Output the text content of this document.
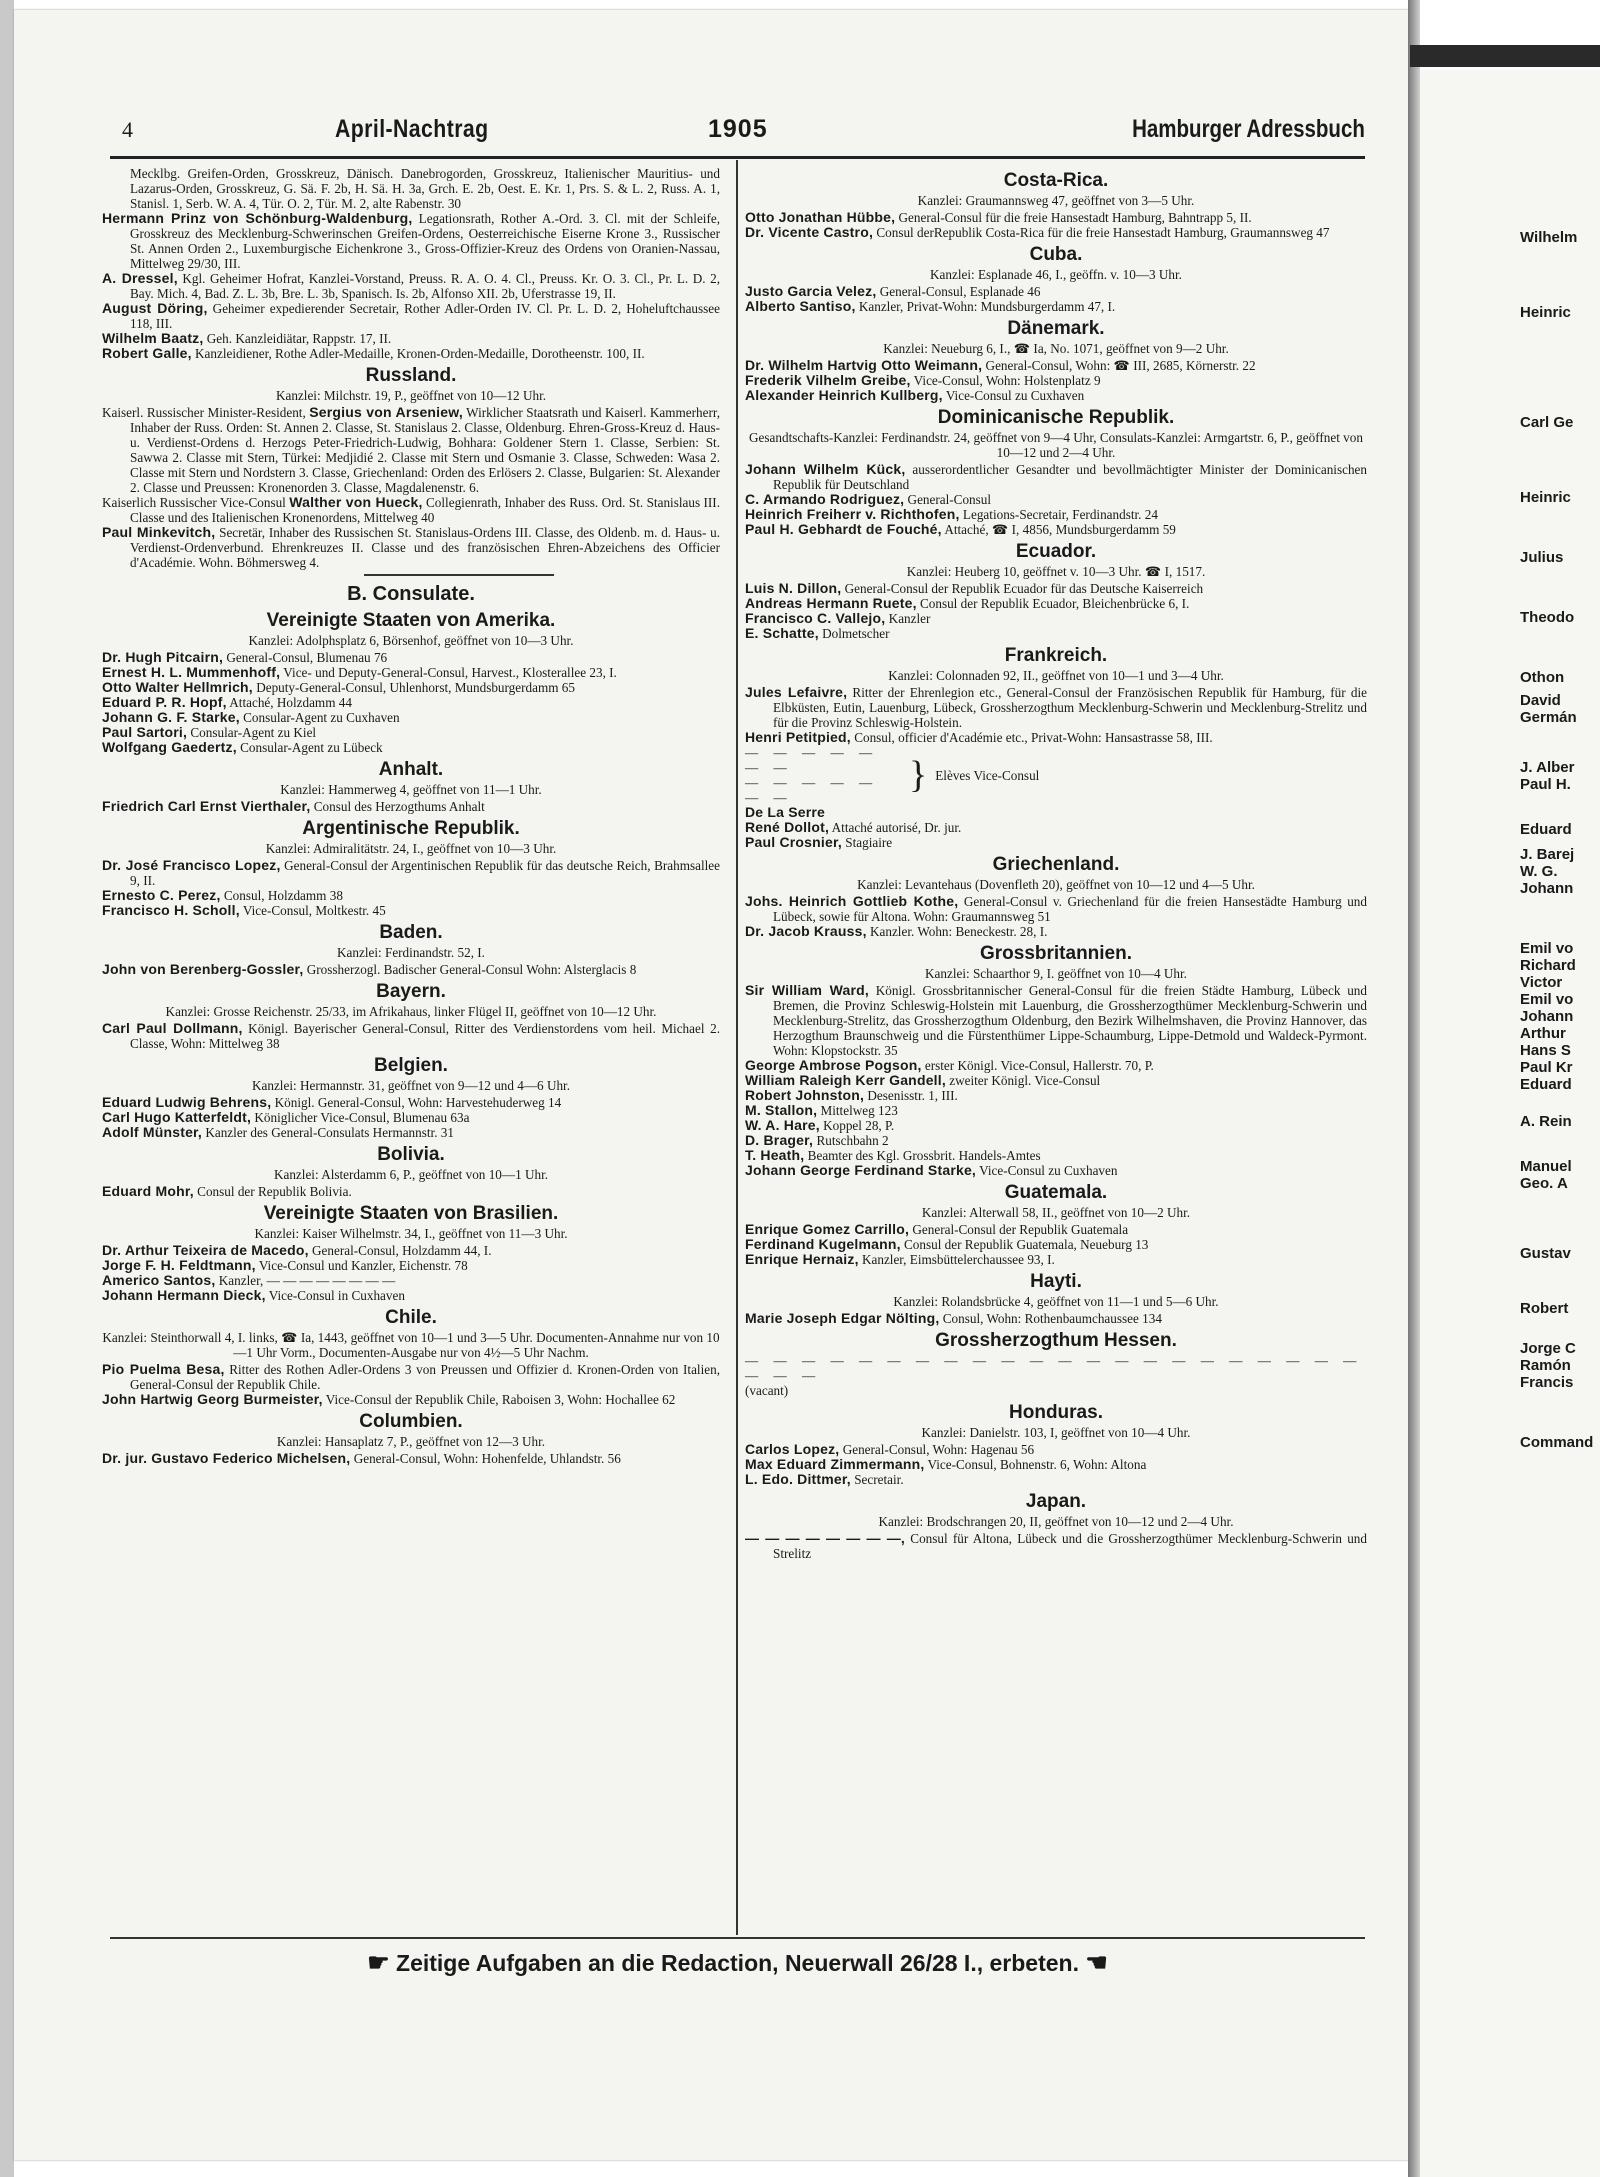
4	April-Nachtrag	1905	Hamburger Adressbuch
Mecklbg. Greifen-Orden, Grosskreuz, Dänisch. Danebrogorden, Grosskreuz, Italienischer Mauritius- und Lazarus-Orden, Grosskreuz, G. Sä. F. 2b, H. Sä. H. 3a, Grch. E. 2b, Oest. E. Kr. 1, Prs. S. & L. 2, Russ. A. 1, Stanisl. 1, Serb. W. A. 4, Tür. O. 2, Tür. M. 2, alte Rabenstr. 30
Hermann Prinz von Schönburg-Waldenburg, Legationsrath, Rother A.-Ord. 3. Cl. mit der Schleife, Grosskreuz des Mecklenburg-Schwerinschen Greifen-Ordens, Oesterreichische Eiserne Krone 3., Russischer St. Annen Orden 2., Luxemburgische Eichenkrone 3., Gross-Offizier-Kreuz des Ordens von Oranien-Nassau, Mittelweg 29/30, III.
A. Dressel, Kgl. Geheimer Hofrat, Kanzlei-Vorstand, Preuss. R. A. O. 4. Cl., Preuss. Kr. O. 3. Cl., Pr. L. D. 2, Bay. Mich. 4, Bad. Z. L. 3b, Bre. L. 3b, Spanisch. Is. 2b, Alfonso XII. 2b, Uferstrasse 19, II.
August Döring, Geheimer expedierender Secretair, Rother Adler-Orden IV. Cl. Pr. L. D. 2, Hoheluftchaussee 118, III.
Wilhelm Baatz, Geh. Kanzleidiätar, Rappstr. 17, II.
Robert Galle, Kanzleidiener, Rothe Adler-Medaille, Kronen-Orden-Medaille, Dorotheenstr. 100, II.
Russland.
Kanzlei: Milchstr. 19, P., geöffnet von 10—12 Uhr.
Kaiserl. Russischer Minister-Resident, Sergius von Arseniew, Wirklicher Staatsrath und Kaiserl. Kammerherr, Inhaber der Russ. Orden: St. Annen 2. Classe, St. Stanislaus 2. Classe, Oldenburg. Ehren-Gross-Kreuz d. Haus- u. Verdienst-Ordens d. Herzogs Peter-Friedrich-Ludwig, Bohhara: Goldener Stern 1. Classe, Serbien: St. Sawwa 2. Classe mit Stern, Türkei: Medjidié 2. Classe mit Stern und Osmanie 3. Classe, Schweden: Wasa 2. Classe mit Stern und Nordstern 3. Classe, Griechenland: Orden des Erlösers 2. Classe, Bulgarien: St. Alexander 2. Classe und Preussen: Kronenorden 3. Classe, Magdalenenstr. 6.
Kaiserlich Russischer Vice-Consul Walther von Hueck, Collegienrath, Inhaber des Russ. Ord. St. Stanislaus III. Classe und des Italienischen Kronenordens, Mittelweg 40
Paul Minkevitch, Secretär, Inhaber des Russischen St. Stanislaus-Ordens III. Classe, des Oldenb. m. d. Haus- u. Verdienst-Ordenverbund. Ehrenkreuzes II. Classe und des französischen Ehren-Abzeichens des Officier d'Académie. Wohn. Böhmersweg 4.
B. Consulate.
Vereinigte Staaten von Amerika.
Kanzlei: Adolphsplatz 6, Börsenhof, geöffnet von 10—3 Uhr.
Dr. Hugh Pitcairn, General-Consul, Blumenau 76
Ernest H. L. Mummenhoff, Vice- und Deputy-General-Consul, Harvest., Klosterallee 23, I.
Otto Walter Hellmrich, Deputy-General-Consul, Uhlenhorst, Mundsburgerdamm 65
Eduard P. R. Hopf, Attaché, Holzdamm 44
Johann G. F. Starke, Consular-Agent zu Cuxhaven
Paul Sartori, Consular-Agent zu Kiel
Wolfgang Gaedertz, Consular-Agent zu Lübeck
Anhalt.
Kanzlei: Hammerweg 4, geöffnet von 11—1 Uhr.
Friedrich Carl Ernst Vierthaler, Consul des Herzogthums Anhalt
Argentinische Republik.
Kanzlei: Admiralitätstr. 24, I., geöffnet von 10—3 Uhr.
Dr. José Francisco Lopez, General-Consul der Argentinischen Republik für das deutsche Reich, Brahmsallee 9, II.
Ernesto C. Perez, Consul, Holzdamm 38
Francisco H. Scholl, Vice-Consul, Moltkestr. 45
Baden.
Kanzlei: Ferdinandstr. 52, I.
John von Berenberg-Gossler, Grossherzogl. Badischer General-Consul Wohn: Alsterglacis 8
Bayern.
Kanzlei: Grosse Reichenstr. 25/33, im Afrikahaus, linker Flügel II, geöffnet von 10—12 Uhr.
Carl Paul Dollmann, Königl. Bayerischer General-Consul, Ritter des Verdienstordens vom heil. Michael 2. Classe, Wohn: Mittelweg 38
Belgien.
Kanzlei: Hermannstr. 31, geöffnet von 9—12 und 4—6 Uhr.
Eduard Ludwig Behrens, Königl. General-Consul, Wohn: Harvestehuderweg 14
Carl Hugo Katterfeldt, Königlicher Vice-Consul, Blumenau 63a
Adolf Münster, Kanzler des General-Consulats Hermannstr. 31
Bolivia.
Kanzlei: Alsterdamm 6, P., geöffnet von 10—1 Uhr.
Eduard Mohr, Consul der Republik Bolivia.
Vereinigte Staaten von Brasilien.
Kanzlei: Kaiser Wilhelmstr. 34, I., geöffnet von 11—3 Uhr.
Dr. Arthur Teixeira de Macedo, General-Consul, Holzdamm 44, I.
Jorge F. H. Feldtmann, Vice-Consul und Kanzler, Eichenstr. 78
Americo Santos, Kanzler, — — — — — — — —
Johann Hermann Dieck, Vice-Consul in Cuxhaven
Chile.
Kanzlei: Steinthorwall 4, I. links, ☎ Ia, 1443, geöffnet von 10—1 und 3—5 Uhr. Documenten-Annahme nur von 10—1 Uhr Vorm., Documenten-Ausgabe nur von 4½—5 Uhr Nachm.
Pio Puelma Besa, Ritter des Rothen Adler-Ordens 3 von Preussen und Offizier d. Kronen-Orden von Italien, General-Consul der Republik Chile.
John Hartwig Georg Burmeister, Vice-Consul der Republik Chile, Raboisen 3, Wohn: Hochallee 62
Columbien.
Kanzlei: Hansaplatz 7, P., geöffnet von 12—3 Uhr.
Dr. jur. Gustavo Federico Michelsen, General-Consul, Wohn: Hohenfelde, Uhlandstr. 56
Costa-Rica.
Kanzlei: Graumannsweg 47, geöffnet von 3—5 Uhr.
Otto Jonathan Hübbe, General-Consul für die freie Hansestadt Hamburg, Bahntrapp 5, II.
Dr. Vicente Castro, Consul derRepublik Costa-Rica für die freie Hansestadt Hamburg, Graumannsweg 47
Cuba.
Kanzlei: Esplanade 46, I., geöffn. v. 10—3 Uhr.
Justo Garcia Velez, General-Consul, Esplanade 46
Alberto Santiso, Kanzler, Privat-Wohn: Mundsburgerdamm 47, I.
Dänemark.
Kanzlei: Neueburg 6, I., ☎ Ia, No. 1071, geöffnet von 9—2 Uhr.
Dr. Wilhelm Hartvig Otto Weimann, General-Consul, Wohn: ☎ III, 2685, Körnerstr. 22
Frederik Vilhelm Greibe, Vice-Consul, Wohn: Holstenplatz 9
Alexander Heinrich Kullberg, Vice-Consul zu Cuxhaven
Dominicanische Republik.
Gesandtschafts-Kanzlei: Ferdinandstr. 24, geöffnet von 9—4 Uhr, Consulats-Kanzlei: Armgartstr. 6, P., geöffnet von 10—12 und 2—4 Uhr.
Johann Wilhelm Kück, ausserordentlicher Gesandter und bevollmächtigter Minister der Dominicanischen Republik für Deutschland
C. Armando Rodriguez, General-Consul
Heinrich Freiherr v. Richthofen, Legations-Secretair, Ferdinandstr. 24
Paul H. Gebhardt de Fouché, Attaché, ☎ I, 4856, Mundsburgerdamm 59
Ecuador.
Kanzlei: Heuberg 10, geöffnet v. 10—3 Uhr. ☎ I, 1517.
Luis N. Dillon, General-Consul der Republik Ecuador für das Deutsche Kaiserreich
Andreas Hermann Ruete, Consul der Republik Ecuador, Bleichenbrücke 6, I.
Francisco C. Vallejo, Kanzler
E. Schatte, Dolmetscher
Frankreich.
Kanzlei: Colonnaden 92, II., geöffnet von 10—1 und 3—4 Uhr.
Jules Lefaivre, Ritter der Ehrenlegion etc., General-Consul der Französischen Republik für Hamburg, für die Elbküsten, Eutin, Lauenburg, Lübeck, Grossherzogthum Mecklenburg-Schwerin und Mecklenburg-Strelitz und für die Provinz Schleswig-Holstein.
Henri Petitpied, Consul, officier d'Académie etc., Privat-Wohn: Hansastrasse 58, III.
— — — — — — —
— — — — — — —
} Elèves Vice-Consul
De La Serre
René Dollot, Attaché autorisé, Dr. jur.
Paul Crosnier, Stagiaire
Griechenland.
Kanzlei: Levantehaus (Dovenfleth 20), geöffnet von 10—12 und 4—5 Uhr.
Johs. Heinrich Gottlieb Kothe, General-Consul v. Griechenland für die freien Hansestädte Hamburg und Lübeck, sowie für Altona. Wohn: Graumannsweg 51
Dr. Jacob Krauss, Kanzler. Wohn: Beneckestr. 28, I.
Grossbritannien.
Kanzlei: Schaarthor 9, I. geöffnet von 10—4 Uhr.
Sir William Ward, Königl. Grossbritannischer General-Consul für die freien Städte Hamburg, Lübeck und Bremen, die Provinz Schleswig-Holstein mit Lauenburg, die Grossherzogthümer Mecklenburg-Schwerin und Mecklenburg-Strelitz, das Grossherzogthum Oldenburg, den Bezirk Wilhelmshaven, die Provinz Hannover, das Herzogthum Braunschweig und die Fürstenthümer Lippe-Schaumburg, Lippe-Detmold und Waldeck-Pyrmont. Wohn: Klopstockstr. 35
George Ambrose Pogson, erster Königl. Vice-Consul, Hallerstr. 70, P.
William Raleigh Kerr Gandell, zweiter Königl. Vice-Consul
Robert Johnston, Desenisstr. 1, III.
M. Stallon, Mittelweg 123
W. A. Hare, Koppel 28, P.
D. Brager, Rutschbahn 2
T. Heath, Beamter des Kgl. Grossbrit. Handels-Amtes
Johann George Ferdinand Starke, Vice-Consul zu Cuxhaven
Guatemala.
Kanzlei: Alterwall 58, II., geöffnet von 10—2 Uhr.
Enrique Gomez Carrillo, General-Consul der Republik Guatemala
Ferdinand Kugelmann, Consul der Republik Guatemala, Neueburg 13
Enrique Hernaiz, Kanzler, Eimsbüttelerchaussee 93, I.
Hayti.
Kanzlei: Rolandsbrücke 4, geöffnet von 11—1 und 5—6 Uhr.
Marie Joseph Edgar Nölting, Consul, Wohn: Rothenbaumchaussee 134
Grossherzogthum Hessen.
— — — — — — — — — — — — — — — — — — — — — — — — —
(vacant)
Honduras.
Kanzlei: Danielstr. 103, I, geöffnet von 10—4 Uhr.
Carlos Lopez, General-Consul, Wohn: Hagenau 56
Max Eduard Zimmermann, Vice-Consul, Bohnenstr. 6, Wohn: Altona
L. Edo. Dittmer, Secretair.
Japan.
Kanzlei: Brodschrangen 20, II, geöffnet von 10—12 und 2—4 Uhr.
— — — — — — — —, Consul für Altona, Lübeck und die Grossherzogthümer Mecklenburg-Schwerin und Strelitz
☛ Zeitige Aufgaben an die Redaction, Neuerwall 26/28 I., erbeten. ☚
Wilhelm
Heinric
Carl Ge
Heinric
Julius
Theodo
Othon
David
Germán
J. Alber
Paul H.
Eduard
J. Barej
W. G.
Johann
Emil vo
Richard
Victor
Emil vo
Johann
Arthur
Hans S
Paul Kr
Eduard
A. Rein
Manuel
Geo. A
Gustav
Robert
Jorge C
Ramón
Francis
Command
